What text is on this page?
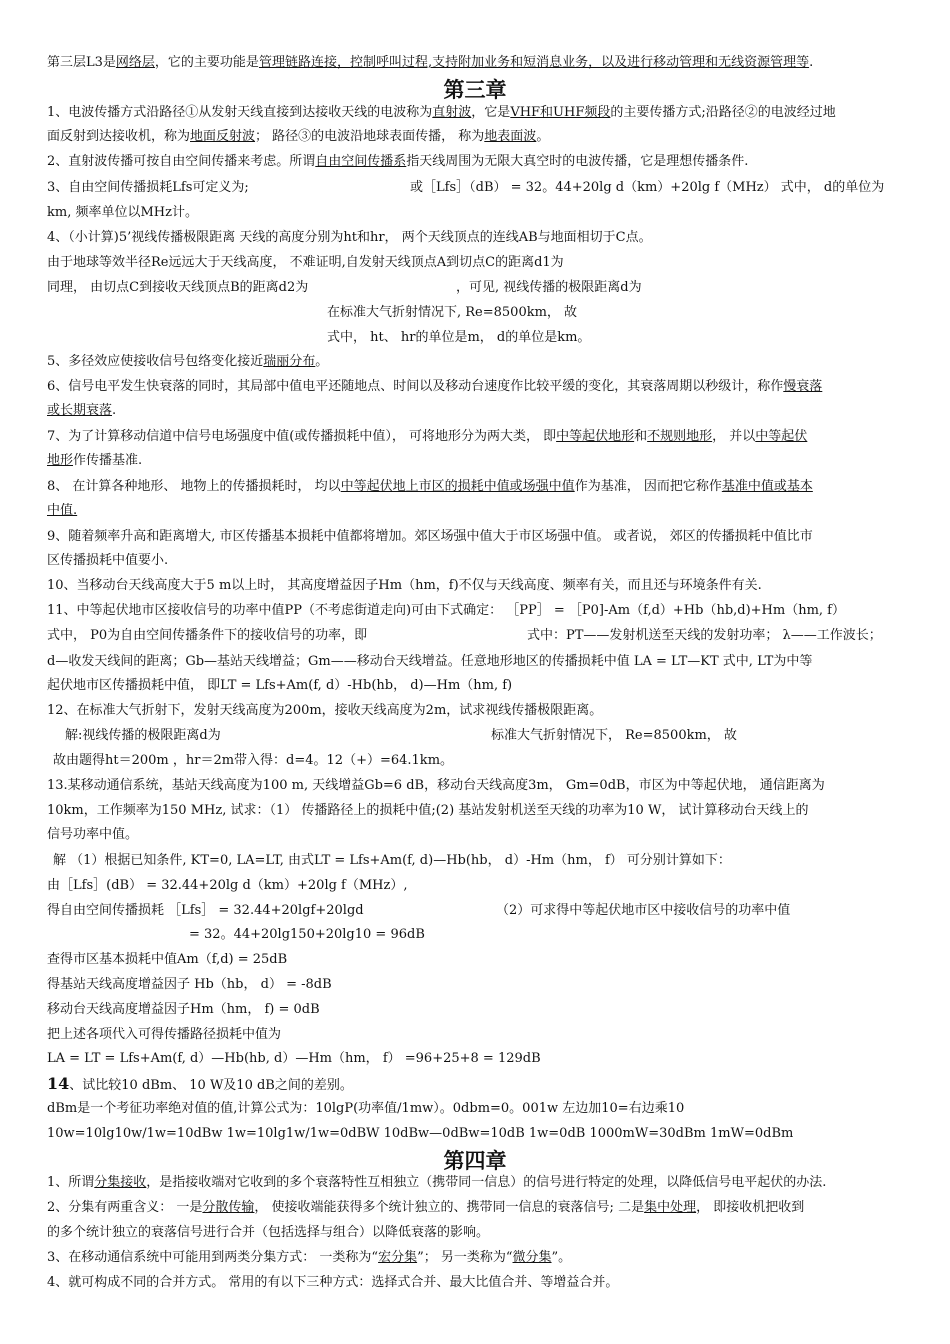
第三层L3是网络层，它的主要功能是管理链路连接，控制呼叫过程,支持附加业务和短消息业务，以及进行移动管理和无线资源管理等.
第三章
1、电波传播方式沿路径①从发射天线直接到达接收天线的电波称为直射波，它是VHF和UHF频段的主要传播方式;沿路径②的电波经过地
面反射到达接收机，称为地面反射波； 路径③的电波沿地球表面传播， 称为地表面波。
2、直射波传播可按自由空间传播来考虑。所谓自由空间传播系指天线周围为无限大真空时的电波传播，它是理想传播条件.
3、自由空间传播损耗Lfs可定义为;	或［Lfs］（dB） = 32。44+20lg d（km）+20lg f（MHz） 式中， d的单位为
km, 频率单位以MHz计。
4、（小计算)5’视线传播极限距离 天线的高度分别为ht和hr， 两个天线顶点的连线AB与地面相切于C点。
由于地球等效半径Re远远大于天线高度， 不难证明,自发射天线顶点A到切点C的距离d1为
同理， 由切点C到接收天线顶点B的距离d2为	，可见, 视线传播的极限距离d为
在标准大气折射情况下, Re=8500km， 故
式中， ht、 hr的单位是m， d的单位是km。
5、多径效应使接收信号包络变化接近瑞丽分布。
6、信号电平发生快衰落的同时，其局部中值电平还随地点、时间以及移动台速度作比较平缓的变化，其衰落周期以秒级计，称作慢衰落
或长期衰落.
7、为了计算移动信道中信号电场强度中值(或传播损耗中值）， 可将地形分为两大类， 即中等起伏地形和不规则地形， 并以中等起伏
地形作传播基准.
8、 在计算各种地形、 地物上的传播损耗时， 均以中等起伏地上市区的损耗中值或场强中值作为基准， 因而把它称作基准中值或基本
中值.
9、随着频率升高和距离增大, 市区传播基本损耗中值都将增加。郊区场强中值大于市区场强中值。 或者说， 郊区的传播损耗中值比市
区传播损耗中值要小.
10、当移动台天线高度大于5 m以上时， 其高度增益因子Hm（hm，f)不仅与天线高度、频率有关，而且还与环境条件有关.
11、中等起伏地市区接收信号的功率中值PP（不考虑街道走向)可由下式确定： ［PP］ = ［P0]-Am（f,d）+Hb（hb,d)+Hm（hm, f）
式中， P0为自由空间传播条件下的接收信号的功率，即	式中：PT——发射机送至天线的发射功率； λ——工作波长；
d—收发天线间的距离；Gb—基站天线增益；Gm——移动台天线增益。任意地形地区的传播损耗中值 LA = LT—KT 式中, LT为中等
起伏地市区传播损耗中值， 即LT = Lfs+Am(f, d）-Hb(hb， d)—Hm（hm, f)
12、在标准大气折射下，发射天线高度为200m，接收天线高度为2m，试求视线传播极限距离。
解:视线传播的极限距离d为	标准大气折射情况下， Re=8500km， 故
故由题得ht＝200m ，hr＝2m带入得：d=4。12（+）=64.1km。
13.某移动通信系统，基站天线高度为100 m, 天线增益Gb=6 dB，移动台天线高度3m， Gm=0dB，市区为中等起伏地， 通信距离为
10km，工作频率为150 MHz, 试求：（1） 传播路径上的损耗中值;(2) 基站发射机送至天线的功率为10 W， 试计算移动台天线上的
信号功率中值。
解 （1）根据已知条件, KT=0, LA=LT, 由式LT = Lfs+Am(f, d)—Hb(hb， d）-Hm（hm， f） 可分别计算如下：
由［Lfs］(dB） = 32.44+20lg d（km）+20lg f（MHz）,
得自由空间传播损耗 ［Lfs］ = 32.44+20lgf+20lgd	（2）可求得中等起伏地市区中接收信号的功率中值
= 32。44+20lg150+20lg10 = 96dB
查得市区基本损耗中值Am（f,d) = 25dB
得基站天线高度增益因子 Hb（hb， d） = -8dB
移动台天线高度增益因子Hm（hm， f) = 0dB
把上述各项代入可得传播路径损耗中值为
LA = LT = Lfs+Am(f, d）—Hb(hb, d）—Hm（hm， f） =96+25+8 = 129dB
14、试比较10 dBm、 10 W及10 dB之间的差别。
dBm是一个考征功率绝对值的值,计算公式为：10lgP(功率值/1mw）。0dbm=0。001w 左边加10=右边乘10
10w=10lg10w/1w=10dBw 1w=10lg1w/1w=0dBW 10dBw—0dBw=10dB 1w=0dB 1000mW=30dBm 1mW=0dBm
第四章
1、所谓分集接收，是指接收端对它收到的多个衰落特性互相独立（携带同一信息）的信号进行特定的处理，以降低信号电平起伏的办法.
2、分集有两重含义： 一是分散传输， 使接收端能获得多个统计独立的、携带同一信息的衰落信号; 二是集中处理， 即接收机把收到
的多个统计独立的衰落信号进行合并（包括选择与组合）以降低衰落的影响。
3、在移动通信系统中可能用到两类分集方式： 一类称为“宏分集”； 另一类称为“微分集”。
4、就可构成不同的合并方式。 常用的有以下三种方式：选择式合并、最大比值合并、等增益合并。
